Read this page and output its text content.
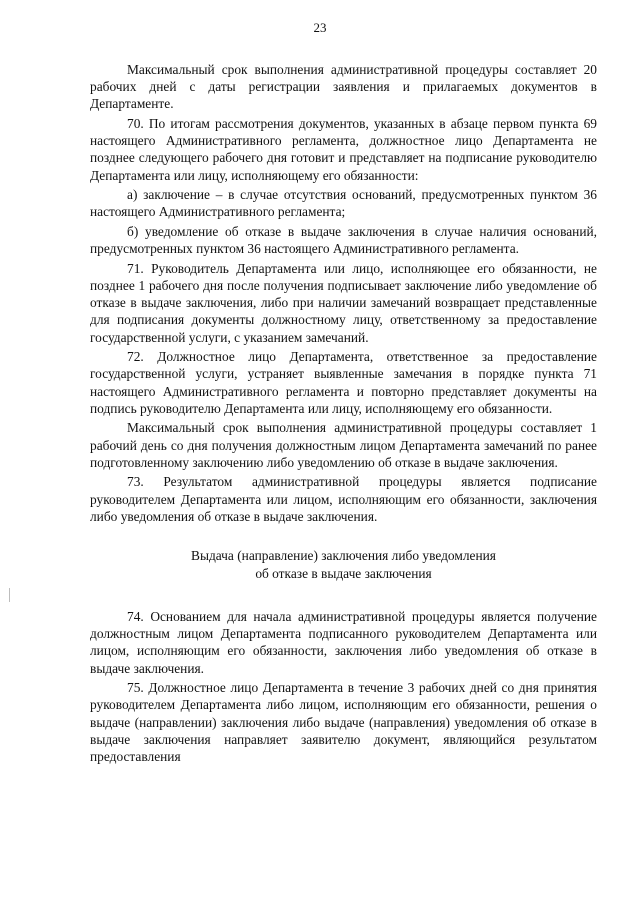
23

Максимальный срок выполнения административной процедуры составляет 20 рабочих дней с даты регистрации заявления и прилагаемых документов в Департаменте.

70. По итогам рассмотрения документов, указанных в абзаце первом пункта 69 настоящего Административного регламента, должностное лицо Департамента не позднее следующего рабочего дня готовит и представляет на подписание руководителю Департамента или лицу, исполняющему его обязанности:

а) заключение – в случае отсутствия оснований, предусмотренных пунктом 36 настоящего Административного регламента;

б) уведомление об отказе в выдаче заключения в случае наличия оснований, предусмотренных пунктом 36 настоящего Административного регламента.

71. Руководитель Департамента или лицо, исполняющее его обязанности, не позднее 1 рабочего дня после получения подписывает заключение либо уведомление об отказе в выдаче заключения, либо при наличии замечаний возвращает представленные для подписания документы должностному лицу, ответственному за предоставление государственной услуги, с указанием замечаний.

72. Должностное лицо Департамента, ответственное за предоставление государственной услуги, устраняет выявленные замечания в порядке пункта 71 настоящего Административного регламента и повторно представляет документы на подпись руководителю Департамента или лицу, исполняющему его обязанности.

Максимальный срок выполнения административной процедуры составляет 1 рабочий день со дня получения должностным лицом Департамента замечаний по ранее подготовленному заключению либо уведомлению об отказе в выдаче заключения.

73. Результатом административной процедуры является подписание руководителем Департамента или лицом, исполняющим его обязанности, заключения либо уведомления об отказе в выдаче заключения.

Выдача (направление) заключения либо уведомления
об отказе в выдаче заключения

74. Основанием для начала административной процедуры является получение должностным лицом Департамента подписанного руководителем Департамента или лицом, исполняющим его обязанности, заключения либо уведомления об отказе в выдаче заключения.

75. Должностное лицо Департамента в течение 3 рабочих дней со дня принятия руководителем Департамента либо лицом, исполняющим его обязанности, решения о выдаче (направлении) заключения либо выдаче (направления) уведомления об отказе в выдаче заключения направляет заявителю документ, являющийся результатом предоставления
